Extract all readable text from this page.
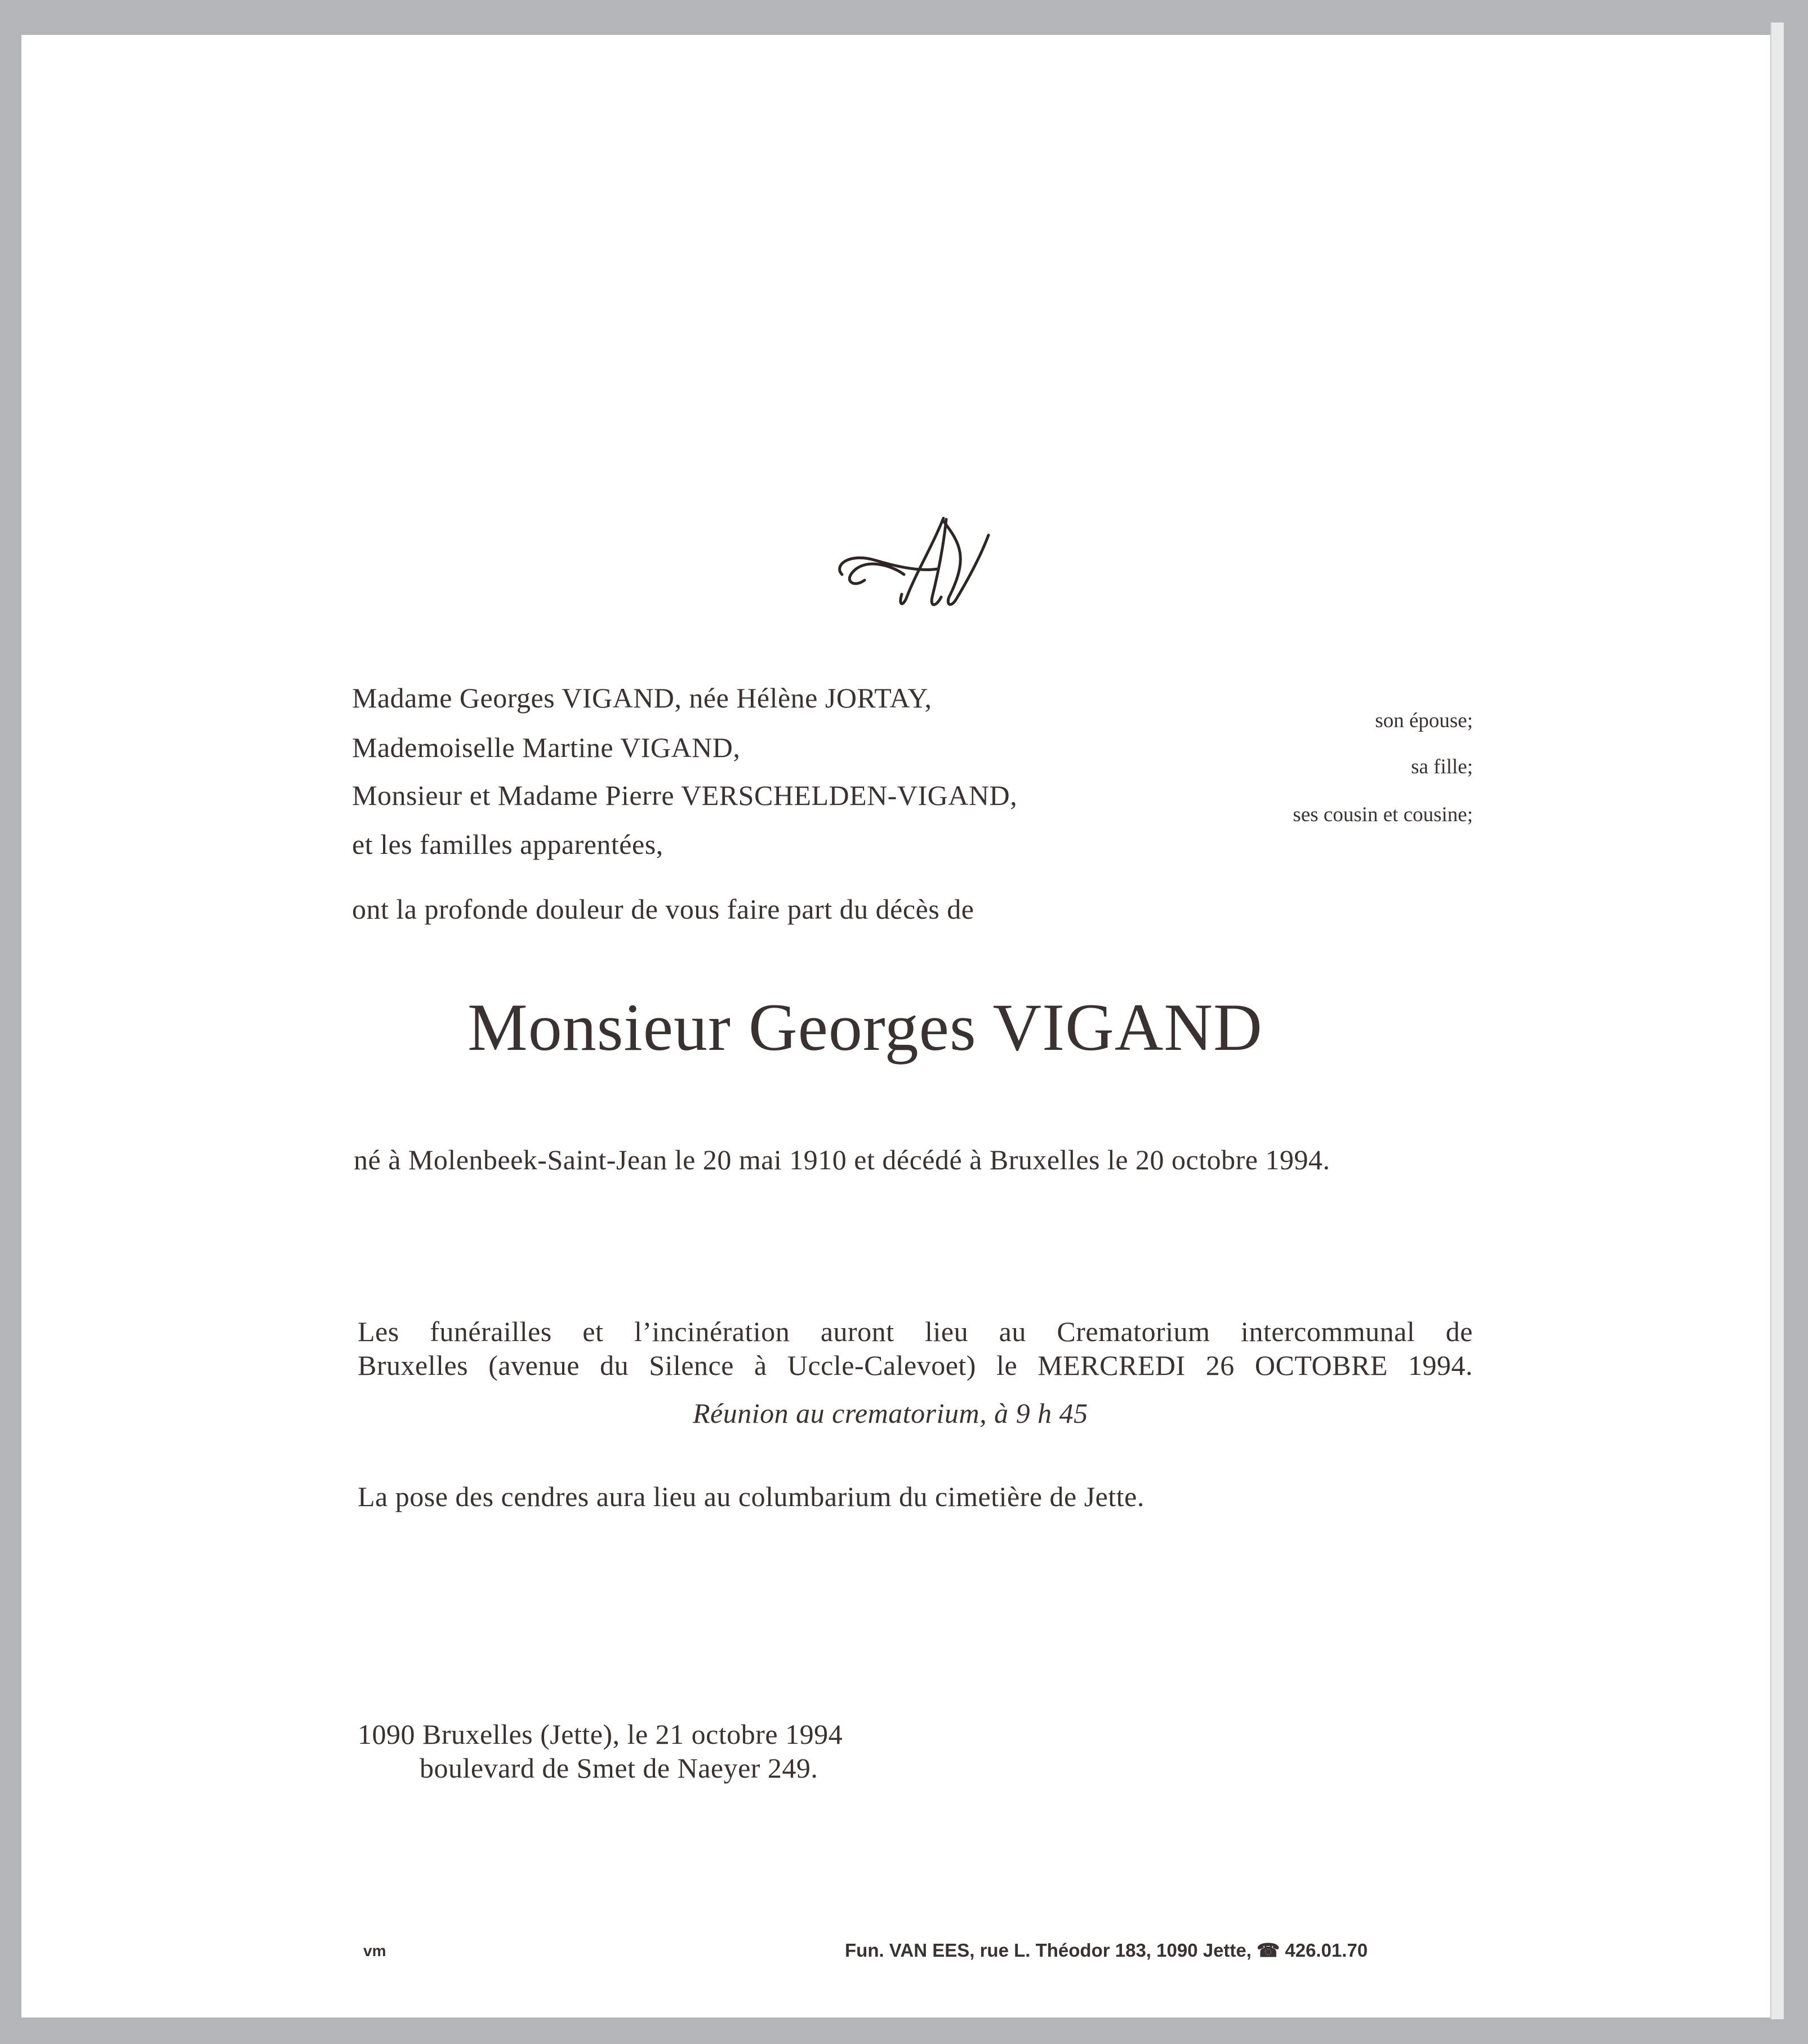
M
Madame Georges VIGAND, née Hélène JORTAY,
Mademoiselle Martine VIGAND,
Monsieur et Madame Pierre VERSCHELDEN-VIGAND,
et les familles apparentées,
son épouse;
sa fille;
ses cousin et cousine;
ont la profonde douleur de vous faire part du décès de
Monsieur Georges VIGAND
né à Molenbeek-Saint-Jean le 20 mai 1910 et décédé à Bruxelles le 20 octobre 1994.
Les funérailles et l’incinération auront lieu au Crematorium intercommunal de
Bruxelles (avenue du Silence à Uccle-Calevoet) le MERCREDI 26 OCTOBRE 1994.
Réunion au crematorium, à 9 h 45
La pose des cendres aura lieu au columbarium du cimetière de Jette.
1090 Bruxelles (Jette), le 21 octobre 1994
boulevard de Smet de Naeyer 249.
vm	Fun. VAN EES, rue L. Théodor 183, 1090 Jette, ☎ 426.01.70
